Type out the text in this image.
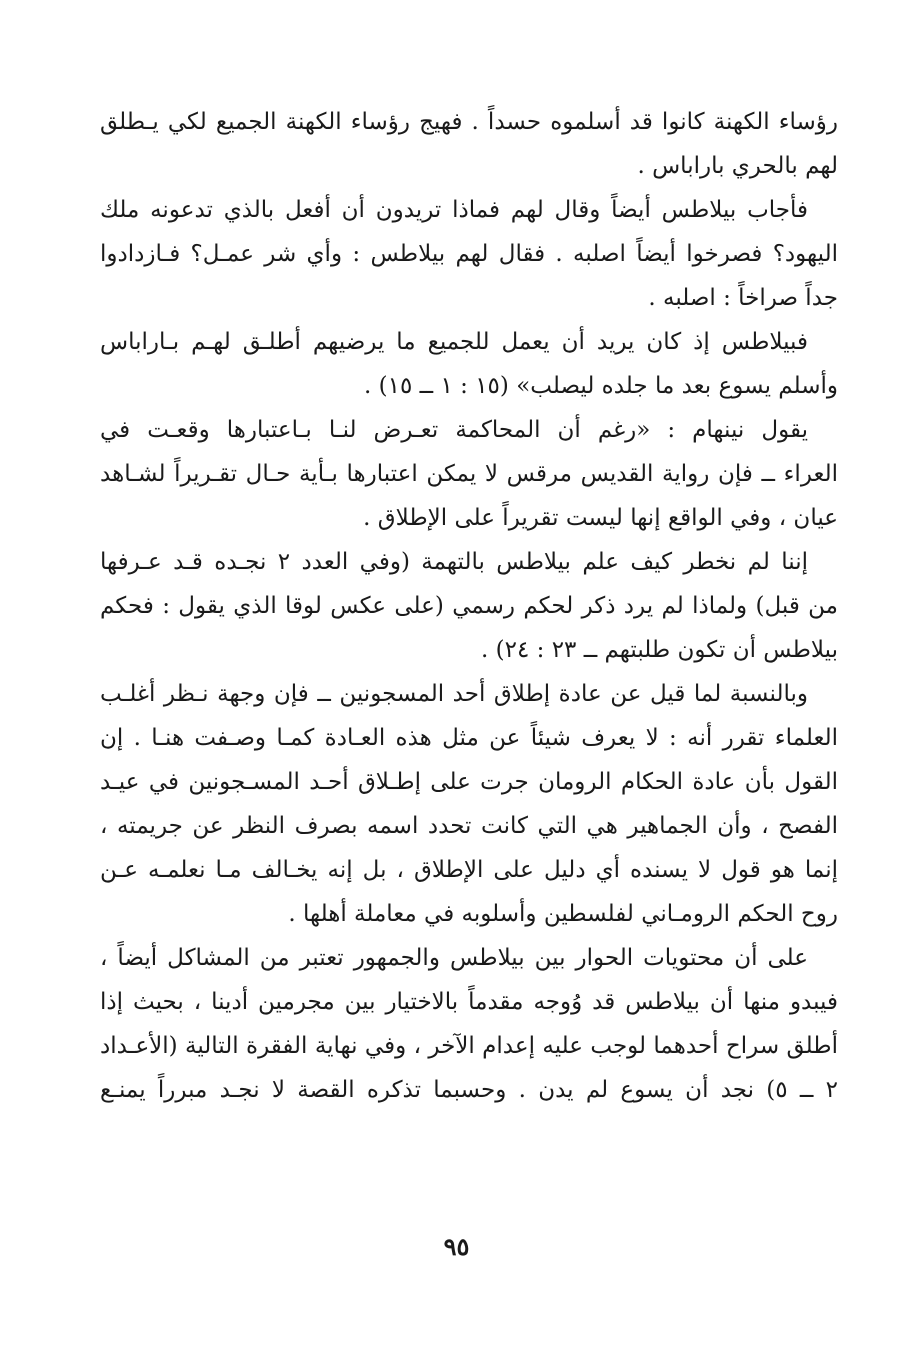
رؤساء الكهنة كانوا قد أسلموه حسداً . فهيج رؤساء الكهنة الجميع لكي يـطلق
لهم بالحري باراباس .
فأجاب بيلاطس أيضاً وقال لهم فماذا تريدون أن أفعل بالذي تدعونه ملك
اليهود؟ فصرخوا أيضاً اصلبه . فقال لهم بيلاطس : وأي شر عمـل؟ فـازدادوا
جداً صراخاً : اصلبه .
فبيلاطس إذ كان يريد أن يعمل للجميع ما يرضيهم أطلـق لهـم بـاراباس
وأسلم يسوع بعد ما جلده ليصلب» (١٥ : ١ ــ ١٥) .
يقول نينهام : «رغم أن المحاكمة تعـرض لنـا بـاعتبارها وقعـت في
العراء ــ فإن رواية القديس مرقس لا يمكن اعتبارها بـأية حـال تقـريراً لشـاهد
عيان ، وفي الواقع إنها ليست تقريراً على الإطلاق .
إننا لم نخطر كيف علم بيلاطس بالتهمة (وفي العدد ٢ نجـده قـد عـرفها
من قبل) ولماذا لم يرد ذكر لحكم رسمي (على عكس لوقا الذي يقول : فحكم
بيلاطس أن تكون طلبتهم ــ ٢٣ : ٢٤) .
وبالنسبة لما قيل عن عادة إطلاق أحد المسجونين ــ فإن وجهة نـظر أغلـب
العلماء تقرر أنه : لا يعرف شيئاً عن مثل هذه العـادة كمـا وصـفت هنـا . إن
القول بأن عادة الحكام الرومان جرت على إطـلاق أحـد المسـجونين في عيـد
الفصح ، وأن الجماهير هي التي كانت تحدد اسمه بصرف النظر عن جريمته ،
إنما هو قول لا يسنده أي دليل على الإطلاق ، بل إنه يخـالف مـا نعلمـه عـن
روح الحكم الرومـاني لفلسطين وأسلوبه في معاملة أهلها .
على أن محتويات الحوار بين بيلاطس والجمهور تعتبر من المشاكل أيضاً ،
فيبدو منها أن بيلاطس قد وُوجه مقدماً بالاختيار بين مجرمين أدينا ، بحيث إذا
أطلق سراح أحدهما لوجب عليه إعدام الآخر ، وفي نهاية الفقرة التالية (الأعـداد
٢ ــ ٥) نجد أن يسوع لم يدن . وحسبما تذكره القصة لا نجـد مبرراً يمنـع
٩٥
